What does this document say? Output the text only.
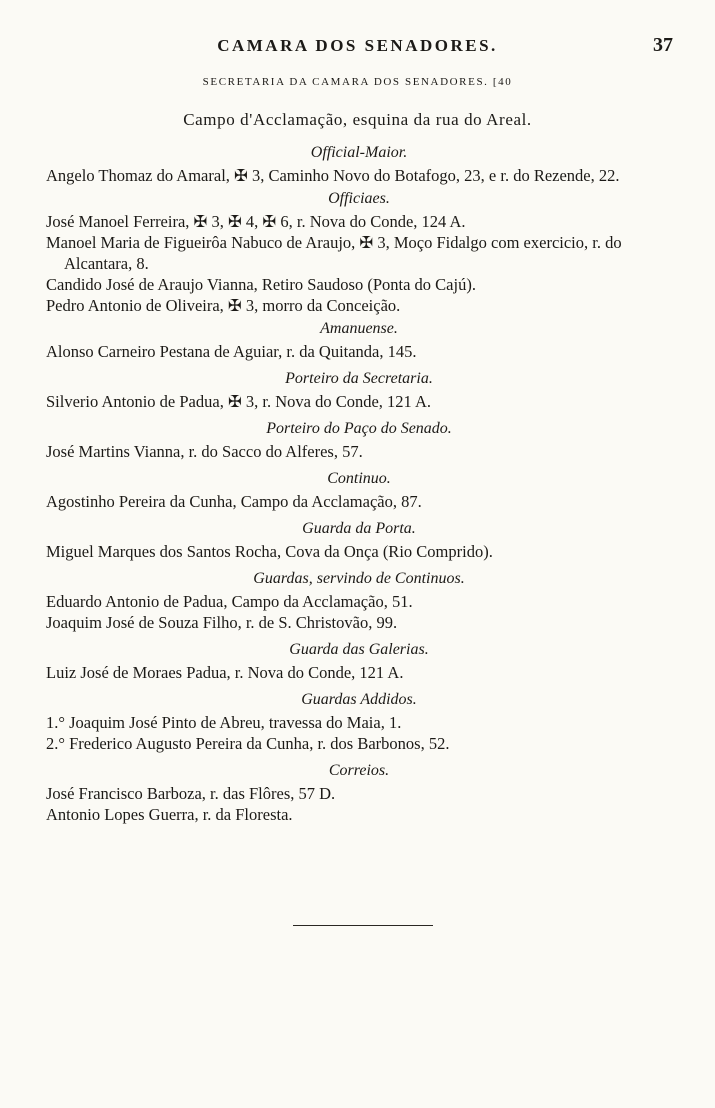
CAMARA DOS SENADORES.	37
SECRETARIA DA CAMARA DOS SENADORES. [40
Campo d'Acclamação, esquina da rua do Areal.
Official-Maior.

Angelo Thomaz do Amaral, ✠ 3, Caminho Novo do Botafogo, 23, e r. do Rezende, 22.

Officiaes.

José Manoel Ferreira, ✠ 3, ✠ 4, ✠ 6, r. Nova do Conde, 124 A.

Manoel Maria de Figueirôa Nabuco de Araujo, ✠ 3, Moço Fidalgo com exercicio, r. do Alcantara, 8.

Candido José de Araujo Vianna, Retiro Saudoso (Ponta do Cajú).

Pedro Antonio de Oliveira, ✠ 3, morro da Conceição.

Amanuense.

Alonso Carneiro Pestana de Aguiar, r. da Quitanda, 145.

Porteiro da Secretaria.

Silverio Antonio de Padua, ✠ 3, r. Nova do Conde, 121 A.

Porteiro do Paço do Senado.

José Martins Vianna, r. do Sacco do Alferes, 57.

Continuo.

Agostinho Pereira da Cunha, Campo da Acclamação, 87.

Guarda da Porta.

Miguel Marques dos Santos Rocha, Cova da Onça (Rio Comprido).

Guardas, servindo de Continuos.

Eduardo Antonio de Padua, Campo da Acclamação, 51.

Joaquim José de Souza Filho, r. de S. Christovão, 99.

Guarda das Galerias.

Luiz José de Moraes Padua, r. Nova do Conde, 121 A.

Guardas Addidos.

1.° Joaquim José Pinto de Abreu, travessa do Maia, 1.

2.° Frederico Augusto Pereira da Cunha, r. dos Barbonos, 52.

Correios.

José Francisco Barboza, r. das Flôres, 57 D.

Antonio Lopes Guerra, r. da Floresta.
